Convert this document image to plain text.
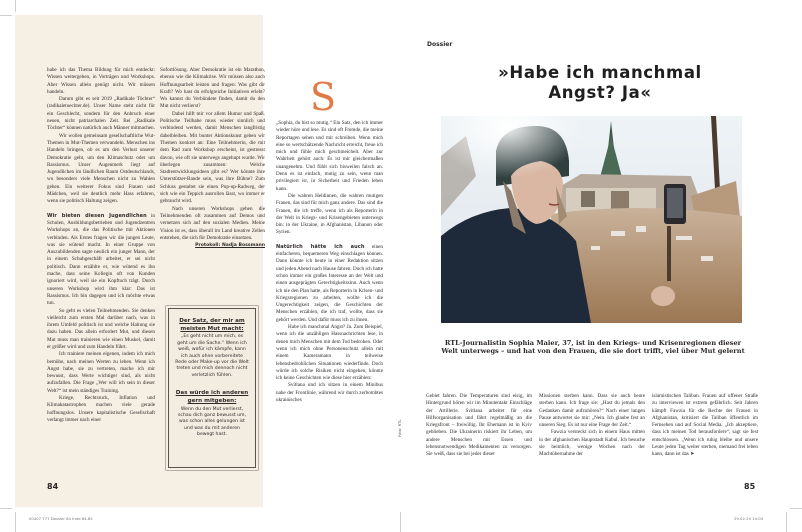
habe ich das Thema Bildung für mich entdeckt: Wissen weitergeben, in Vorträgen und Workshops. Aber Wissen allein genügt nicht. Wir müssen handeln.

Darum gibt es seit 2019 „Radikale Töchter“ (radikaletoechter.de). Unser Name steht nicht für ein Geschlecht, sondern für den Anbruch einer neuen, nicht patriarchalen Zeit. Bei „Radikale Töchter“ können natürlich auch Männer mitmachen.

Wir wollen gemeinsam gesellschaftliche Wut-Themen in Mut-Themen verwandeln. Menschen ins Handeln bringen, ob es um den Verlust unserer Demokratie geht, um den Klimaschutz oder um Rassismus. Unser Augenmerk liegt auf Jugendlichen im ländlichen Raum Ostdeutschlands, wo besonders viele Menschen nicht zu Wahlen gehen. Ein weiterer Fokus sind Frauen und Mädchen, weil sie deutlich mehr Hass erfahren, wenn sie politisch Haltung zeigen.

Wir bieten diesen Jugendlichen in Schulen, Ausbildungsbetrieben und Jugendzentren Workshops an, die das Politische mit Aktionen verbinden. Als Erstes fragen wir die jungen Leute, was sie wütend macht. In einer Gruppe von Auszubildenden sagte neulich ein junger Mann, der in einem Schuhgeschäft arbeitet, er sei nicht politisch. Dann erzählte er, wie wütend es ihn mache, dass seine Kollegin oft von Kunden ignoriert wird, weil sie ein Kopftuch trägt. Durch unseren Workshop wird ihm klar: Das ist Rassismus. Ich bin dagegen und ich möchte etwas tun.

So geht es vielen Teilnehmenden. Sie denken vielleicht zum ersten Mal darüber nach, was in ihrem Umfeld politisch ist und welche Haltung sie dazu haben. Das allein erfordert Mut, und diesen Mut muss man trainieren wie einen Muskel, damit er größer wird und zum Handeln führt.

Ich trainiere meinen eigenen, indem ich mich bemühe, nach meinen Werten zu leben. Wenn ich Angst habe, sie zu vertreten, mache ich mir bewusst, dass Werte wichtiger sind, als nicht aufzufallen. Die Frage „Wer will ich sein in dieser Welt?“ ist mein ständiges Training.

Kriege, Rechtsruck, Inflation und Klimakatastrophen machen viele gerade hoffnungslos. Unsere kapitalistische Gesellschaft verlangt immer nach einer

Sofortlösung. Aber Demokratie ist ein Marathon, ebenso wie die Klimakrise. Wir müssen also auch Hoffnungsarbeit leisten und fragen: Was gibt dir Kraft? Wo hast du erfolgreiche Initiativen erlebt? Wo kannst du Verbündete finden, damit du den Mut nicht verlierst?

Dabei hilft mir vor allem Humor und Spaß. Politische Teilhabe muss wieder sinnlich und verbindend werden, damit Menschen langfristig dabeibleiben. Mit bunter Aktionskunst geben wir Themen konkret an: Eine Teilnehmerin, die mit dem Rad zum Workshop erscheint, ist gestresst davon, wie oft sie unterwegs angehupt wurde. Wir überlegen zusammen: Welche Stadtentwicklungsideen gibt es? Wer könnte ihre Unterstützer-Bande sein, was ihre Bühne? Zum Schluss gestaltet sie einen Pop-up-Radweg, der sich wie ein Teppich ausrollen lässt, wo immer er gebraucht wird.

Nach unseren Workshops gehen die Teilnehmenden oft zusammen auf Demos und vernetzen sich auf den sozialen Medien. Meine Vision ist es, dass überall im Land kreative Zellen entstehen, die sich für Demokratie einsetzen.

Protokoll: Nadja Bossmann

Der Satz, der mir am meisten Mut macht:
„Es geht nicht um mich, es geht um die Sache.“ Wenn ich weiß, wofür ich kämpfe, kann ich auch ohne vorbereitete Rede oder Make-up vor die Welt treten und mich dennoch nicht verletzlich fühlen.
Das würde ich anderen gern mitgeben:
Wenn du den Mut verlierst, schau dich ganz bewusst um, was schon alles gelungen ist und was du mit anderen bewegt hast.
84
Dossier
S

„Sophia, du bist so mutig.“ Ein Satz, den ich immer wieder höre und lese. Es sind oft Fremde, die meine Reportagen sehen und mir schreiben. Wenn mich eine so wertschätzende Nachricht erreicht, freue ich mich und fühle mich geschmeichelt. Aber zur Wahrheit gehört auch: Es ist mir gleichermaßen unangenehm. Und fühlt sich bisweilen falsch an. Denn es ist einfach, mutig zu sein, wenn man privilegiert ist, in Sicherheit und Frieden leben kann.

Die wahren Heldinnen, die wahren mutigen Frauen, das sind für mich ganz andere. Das sind die Frauen, die ich treffe, wenn ich als Reporterin in der Welt in Kriegs- und Krisengebieten unterwegs bin: in der Ukraine, in Afghanistan, Libanon oder Syrien.

Natürlich hätte ich auch einen einfacheren, bequemeren Weg einschlagen können. Dann könnte ich heute in einer Redaktion sitzen und jeden Abend nach Hause fahren. Doch ich hatte schon immer ein großes Interesse an der Welt und einen ausgeprägten Gerechtigkeitssinn. Auch wenn ich nie den Plan hatte, als Reporterin in Krisen- und Kriegsregionen zu arbeiten, wollte ich die Ungerechtigkeit zeigen, die Geschichten der Menschen erzählen, die ich traf, wollte, dass sie gehört werden. Und dafür muss ich zu ihnen.

Habe ich manchmal Angst? Ja. Zum Beispiel, wenn ich die unzähligen Hassnachrichten lese, in denen mich Menschen mit dem Tod bedrohen. Oder wenn ich mich ohne Personenschutz allein mit einem Kameramann in teilweise lebensbedrohlichen Situationen wiederfinde. Doch würde ich solche Risiken nicht eingehen, könnte ich keine Geschichten wie diese hier erzählen:

Svitlana und ich sitzen in einem Minibus nahe der Frontlinie, während wir durch zerbombtes ukrainisches

»Habe ich manchmal Angst? Ja«
RTL-Journalistin Sophia Maier, 37, ist in den Kriegs- und Krisenregionen dieser Welt unterwegs – und hat von den Frauen, die sie dort trifft, viel über Mut gelernt
Foto: RTL

Gebiet fahren. Die Temperaturen sind eisig, im Hintergrund hören wir im Minutentakt Einschläge der Artillerie. Svitlana arbeitet für eine Hilfsorganisation und fährt regelmäßig an die Kriegsfront – freiwillig. Ihr Ehemann ist in Kyiv geblieben. Die Ukrainerin riskiert ihr Leben, um andere Menschen mit Essen und lebensnotwendigen Medikamenten zu versorgen. Sie weiß, dass sie bei jeder dieser

Missionen sterben kann. Dass sie auch heute sterben kann. Ich frage sie: „Hast du jemals den Gedanken damit aufzuhören?“ Nach einer langen Pause antwortet sie mir: „Nein. Ich glaube fest an unseren Sieg. Es ist nur eine Frage der Zeit.“

Fawzia versteckt sich in einem Haus mitten in der afghanischen Hauptstadt Kabul. Ich besuche sie heimlich, wenige Wochen nach der Machtübernahme der

islamistischen Taliban. Frauen auf offener Straße zu interviewen ist extrem gefährlich. Seit Jahren kämpft Fawzia für die Rechte der Frauen in Afghanistan, kritisiert die Taliban öffentlich im Fernsehen und auf Social Media. „Ich akzeptiere, dass ich meinen Tod herausfordere“, sagt sie fest entschlossen. „Wenn ich ruhig bleibe und unsere Leute jeden Tag weiter sterben, niemand frei leben kann, dann ist das ➤

85
00407 777 Dossier 84 Indd 84-85	29.02.24 14:04
